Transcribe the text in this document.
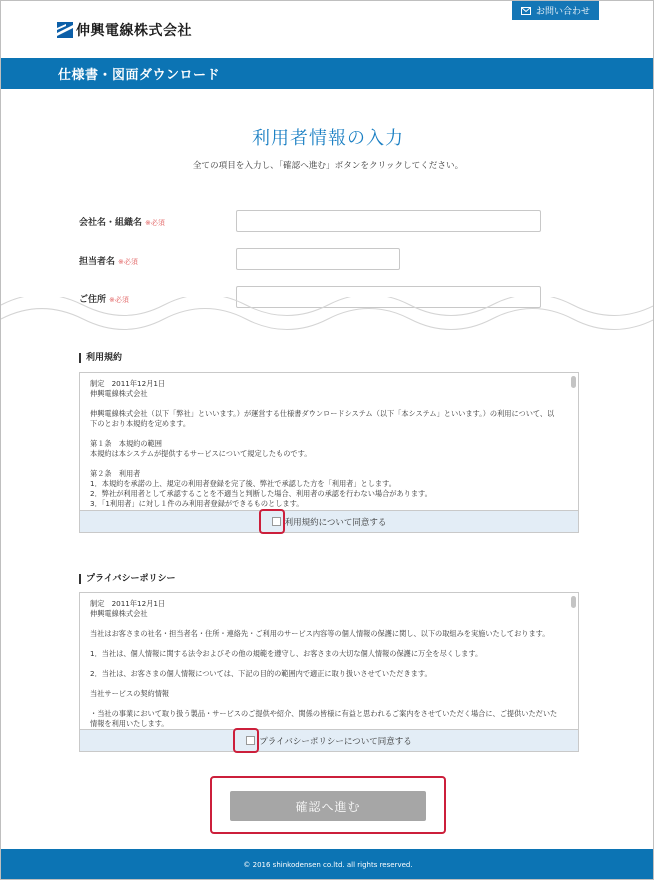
伸興電線株式会社
お問い合わせ
仕様書・図面ダウンロード
利用者情報の入力
全ての項目を入力し、「確認へ進む」ボタンをクリックしてください。
会社名・組織名 ※必須
担当者名 ※必須
ご住所 ※必須
利用規約
制定　2011年12月1日

伸興電線株式会社

伸興電線株式会社（以下「弊社」といいます。）が運営する仕様書ダウンロードシステム（以下「本システム」といいます。）の利用について、以下のとおり本規約を定めます。

第１条　本規約の範囲

本規約は本システムが提供するサービスについて規定したものです。

第２条　利用者
1．本規約を承諾の上、規定の利用者登録を完了後、弊社で承認した方を「利用者」とします。
2．弊社が利用者として承認することを不適当と判断した場合、利用者の承認を行わない場合があります。
3．「1利用者」に対し１件のみ利用者登録ができるものとします。
利用規約について同意する
プライバシーポリシー
制定　2011年12月1日

伸興電線株式会社

当社はお客さまの社名・担当者名・住所・連絡先・ご利用のサービス内容等の個人情報の保護に関し、以下の取組みを実施いたしております。

1．当社は、個人情報に関する法令およびその他の規範を遵守し、お客さまの大切な個人情報の保護に万全を尽くします。

2．当社は、お客さまの個人情報については、下記の目的の範囲内で適正に取り扱いさせていただきます。

当社サービスの契約情報

・当社の事業において取り扱う製品・サービスのご提供や紹介、関係の皆様に有益と思われるご案内をさせていただく場合に、ご提供いただいた情報を利用いたします。

プライバシーポリシーについて同意する
確認へ進む
© 2016 shinkodensen co.ltd. all rights reserved.
